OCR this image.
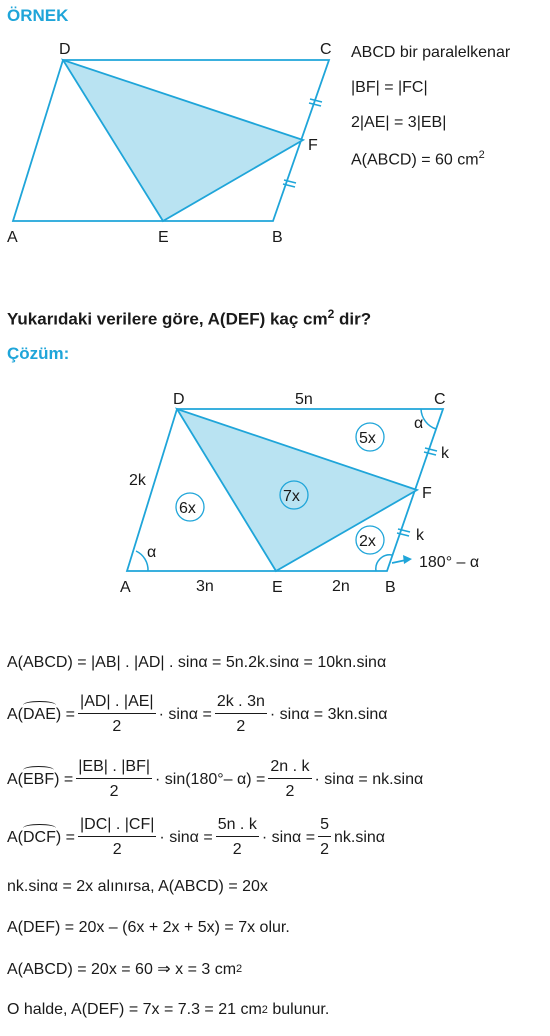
ÖRNEK
D	C
F
A	E	B
ABCD bir paralelkenar
|BF| = |FC|
2|AE| = 3|EB|
A(ABCD) = 60 $cm^2$
Yukarıdaki verilere göre, A(DEF) kaç $cm^2$ dir?
Çözüm:
D	C
F
A	E	B
5n
3n	2n
2k
k
k
α
α
180° – α
5x
7x
6x
2x
A(ABCD) = |AB| . |AD| . sinα = 5n.2k.sinα = 10kn.sinα
A( DAE ) = $\frac{|AD| . |AE|}{2} \cdot \sin\alpha = \frac{2k . 3n}{2} \cdot \sin\alpha = 3kn.\sin\alpha$
A( EBF ) = $\frac{|EB| . |BF|}{2} \cdot \sin(180^\circ-$ $\alpha) = \frac{2n . k}{2} \cdot \sin\alpha = nk.\sin\alpha$
A( DCF ) = $\frac{|DC| . |CF|}{2} \cdot \sin\alpha = \frac{5n . k}{2} \cdot \sin\alpha = \frac{5}{2} nk.\sin\alpha$
nk.sinα = 2x alınırsa, A(ABCD) = 20x
A(DEF) = 20x – (6x + 2x + 5x) = 7x olur.
A(ABCD) = 20x = 60 ⇒ x = 3 cm 2
O halde, A(DEF) = 7x = 7.3 = 21 cm 2 bulunur.
